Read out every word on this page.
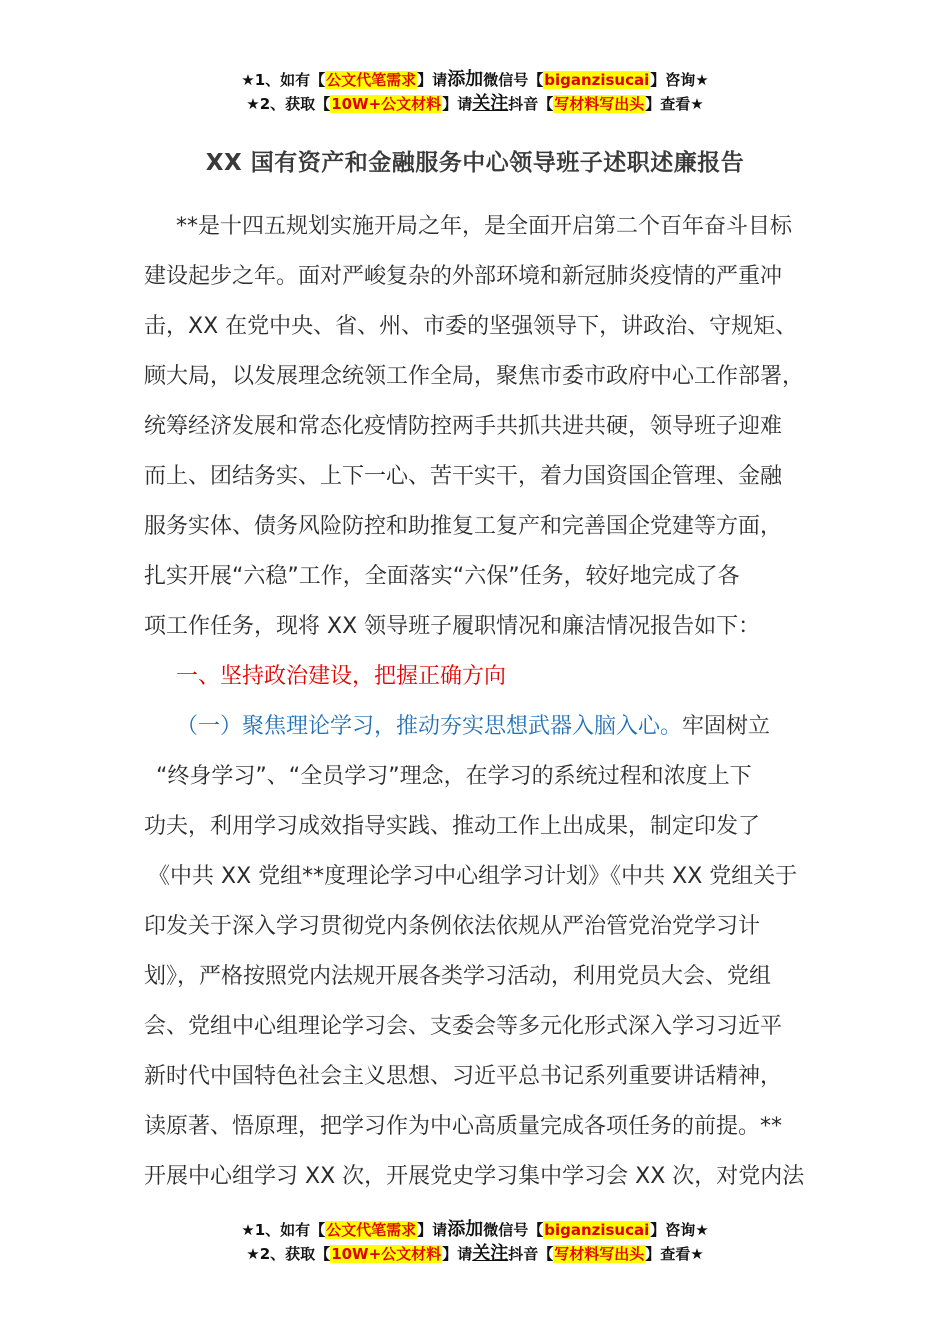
★1、如有【公文代笔需求】请添加微信号【biganzisucai】咨询★
★2、获取【10W+公文材料】请关注抖音【写材料写出头】查看★
XX 国有资产和金融服务中心领导班子述职述廉报告
**是十四五规划实施开局之年，是全面开启第二个百年奋斗目标
建设起步之年。面对严峻复杂的外部环境和新冠肺炎疫情的严重冲
击，XX 在党中央、省、州、市委的坚强领导下，讲政治、守规矩、
顾大局，以发展理念统领工作全局，聚焦市委市政府中心工作部署，
统筹经济发展和常态化疫情防控两手共抓共进共硬，领导班子迎难
而上、团结务实、上下一心、苦干实干，着力国资国企管理、金融
服务实体、债务风险防控和助推复工复产和完善国企党建等方面，
扎实开展“六稳”工作，全面落实“六保”任务，较好地完成了各
项工作任务，现将 XX 领导班子履职情况和廉洁情况报告如下：
一、坚持政治建设，把握正确方向
（一）聚焦理论学习，推动夯实思想武器入脑入心。牢固树立
“终身学习”、“全员学习”理念，在学习的系统过程和浓度上下
功夫，利用学习成效指导实践、推动工作上出成果，制定印发了
《中共 XX 党组**度理论学习中心组学习计划》《中共 XX 党组关于
印发关于深入学习贯彻党内条例依法依规从严治管党治党学习计
划》，严格按照党内法规开展各类学习活动，利用党员大会、党组
会、党组中心组理论学习会、支委会等多元化形式深入学习习近平
新时代中国特色社会主义思想、习近平总书记系列重要讲话精神，
读原著、悟原理，把学习作为中心高质量完成各项任务的前提。**
开展中心组学习 XX 次，开展党史学习集中学习会 XX 次，对党内法
★1、如有【公文代笔需求】请添加微信号【biganzisucai】咨询★
★2、获取【10W+公文材料】请关注抖音【写材料写出头】查看★
